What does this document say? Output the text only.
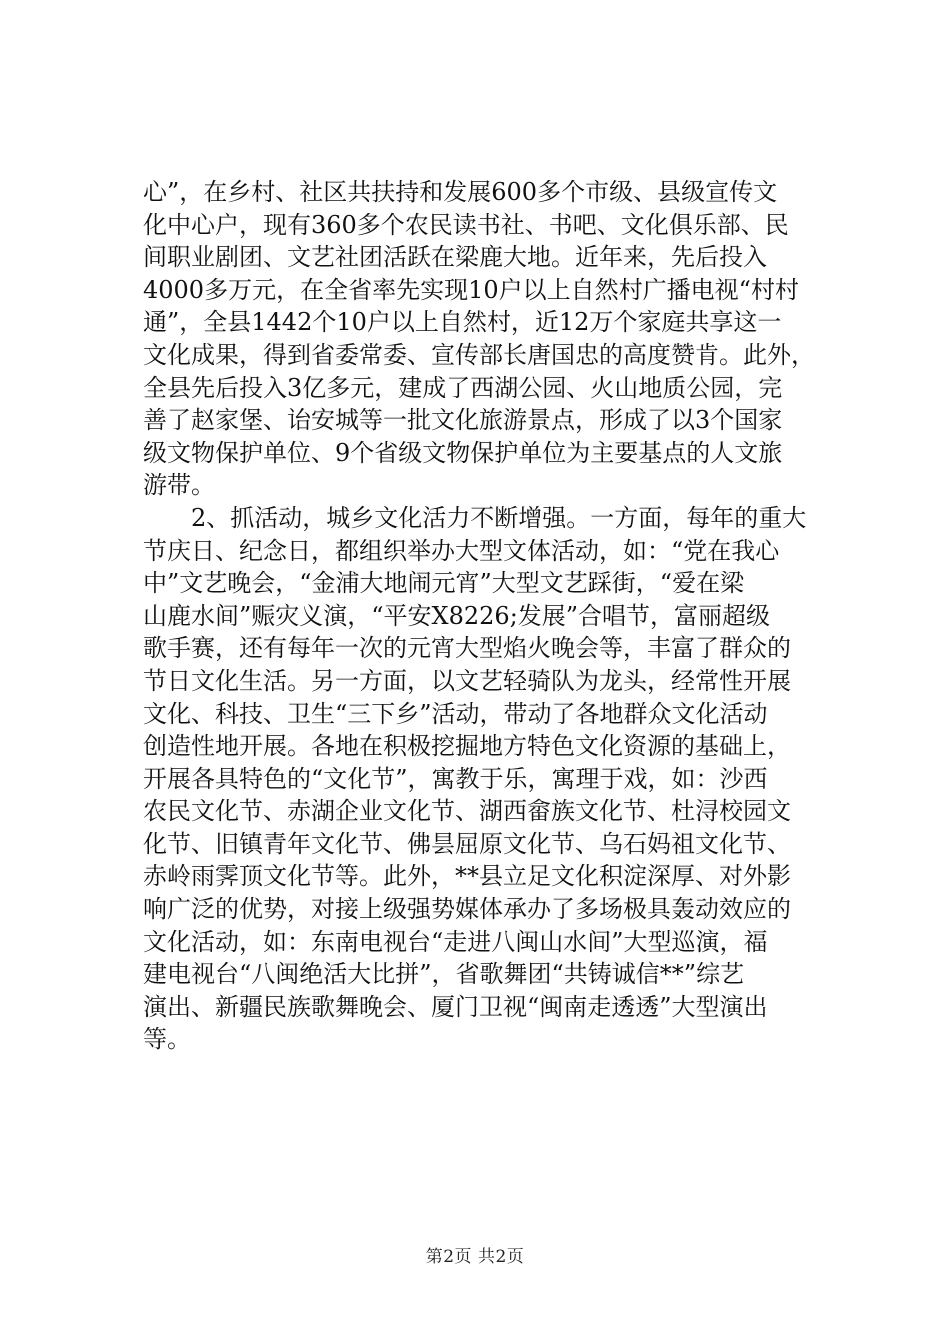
心”，在乡村、社区共扶持和发展600多个市级、县级宣传文
化中心户，现有360多个农民读书社、书吧、文化俱乐部、民
间职业剧团、文艺社团活跃在梁鹿大地。近年来，先后投入
4000多万元，在全省率先实现10户以上自然村广播电视“村村
通”，全县1442个10户以上自然村，近12万个家庭共享这一
文化成果，得到省委常委、宣传部长唐国忠的高度赞肯。此外，
全县先后投入3亿多元，建成了西湖公园、火山地质公园，完
善了赵家堡、诒安城等一批文化旅游景点，形成了以3个国家
级文物保护单位、9个省级文物保护单位为主要基点的人文旅
游带。
　　2、抓活动，城乡文化活力不断增强。一方面，每年的重大
节庆日、纪念日，都组织举办大型文体活动，如：“党在我心
中”文艺晚会，“金浦大地闹元宵”大型文艺踩街，“爱在梁
山鹿水间”赈灾义演，“平安X8226;发展”合唱节，富丽超级
歌手赛，还有每年一次的元宵大型焰火晚会等，丰富了群众的
节日文化生活。另一方面，以文艺轻骑队为龙头，经常性开展
文化、科技、卫生“三下乡”活动，带动了各地群众文化活动
创造性地开展。各地在积极挖掘地方特色文化资源的基础上，
开展各具特色的“文化节”，寓教于乐，寓理于戏，如：沙西
农民文化节、赤湖企业文化节、湖西畲族文化节、杜浔校园文
化节、旧镇青年文化节、佛昙屈原文化节、乌石妈祖文化节、
赤岭雨霁顶文化节等。此外，**县立足文化积淀深厚、对外影
响广泛的优势，对接上级强势媒体承办了多场极具轰动效应的
文化活动，如：东南电视台“走进八闽山水间”大型巡演，福
建电视台“八闽绝活大比拼”，省歌舞团“共铸诚信**”综艺
演出、新疆民族歌舞晚会、厦门卫视“闽南走透透”大型演出
等。
第2页 共2页
